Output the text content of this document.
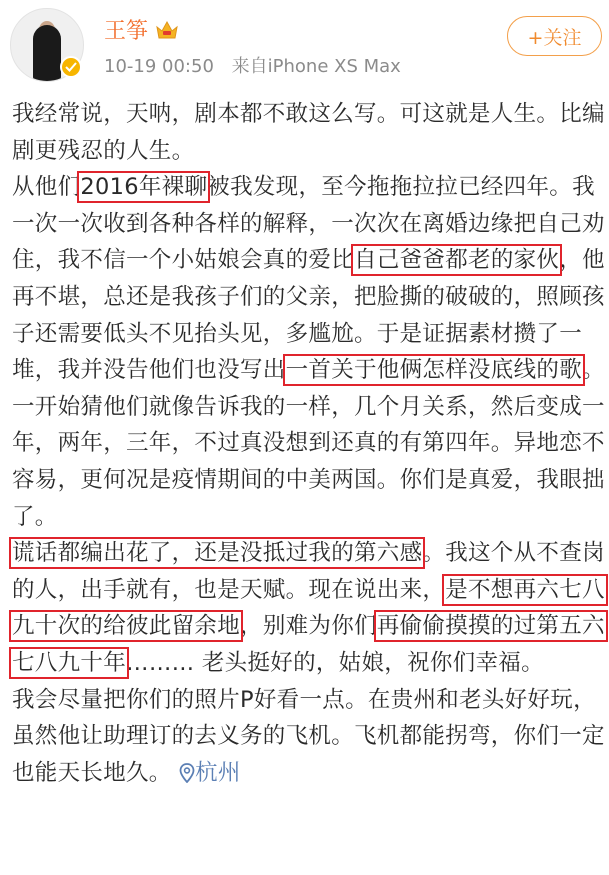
王筝
10-19 00:50 来自iPhone XS Max
+关注

我经常说，天呐，剧本都不敢这么写。可这就是人生。比编剧更残忍的人生。

从他们2016年裸聊被我发现，至今拖拖拉拉已经四年。我一次一次收到各种各样的解释，一次次在离婚边缘把自己劝住，我不信一个小姑娘会真的爱比自己爸爸都老的家伙，他再不堪，总还是我孩子们的父亲，把脸撕的破破的，照顾孩子还需要低头不见抬头见，多尴尬。于是证据素材攒了一堆，我并没告他们也没写出一首关于他俩怎样没底线的歌。一开始猜他们就像告诉我的一样，几个月关系，然后变成一年，两年，三年，不过真没想到还真的有第四年。异地恋不容易，更何况是疫情期间的中美两国。你们是真爱，我眼拙了。

谎话都编出花了，还是没抵过我的第六感。我这个从不查岗的人，出手就有，也是天赋。现在说出来，是不想再六七八九十次的给彼此留余地，别难为你们再偷偷摸摸的过第五六七八九十年……… 老头挺好的，姑娘，祝你们幸福。

我会尽量把你们的照片P好看一点。在贵州和老头好好玩，虽然他让助理订的去义务的飞机。飞机都能拐弯，你们一定也能天长地久。 杭州
